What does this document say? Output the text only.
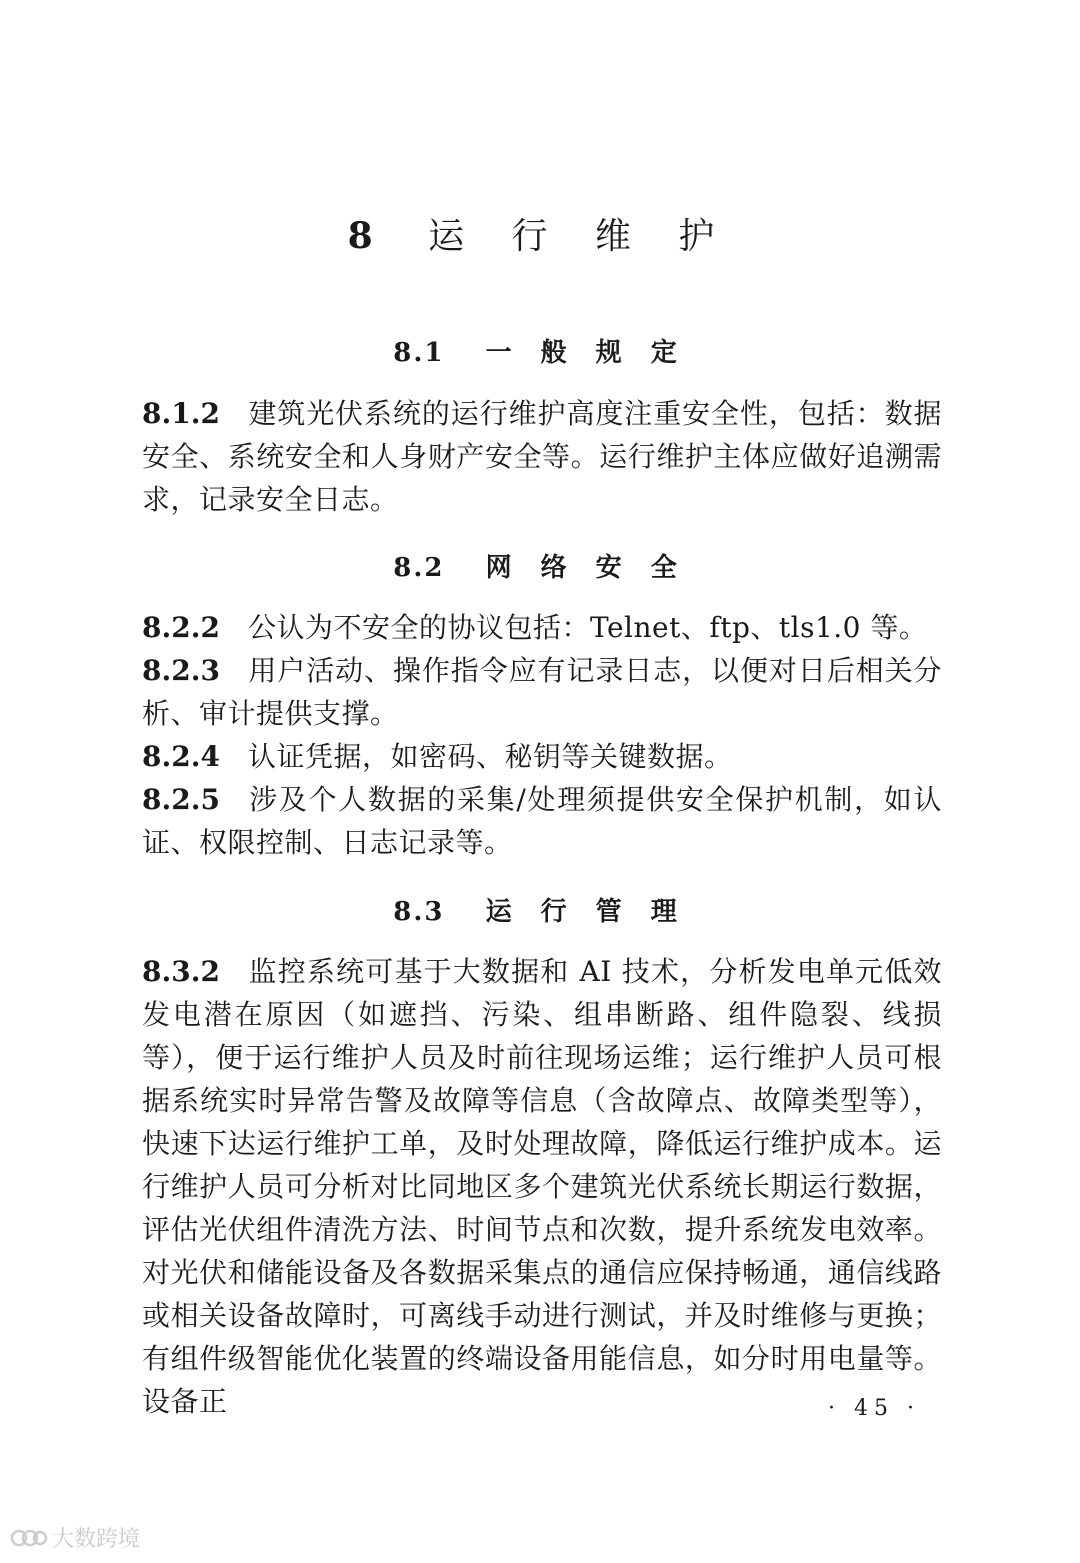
8 运 行 维 护
8.1 一 般 规 定

8.1.2 建筑光伏系统的运行维护高度注重安全性，包括：数据安全、系统安全和人身财产安全等。运行维护主体应做好追溯需求，记录安全日志。

8.2 网 络 安 全

8.2.2 公认为不安全的协议包括：Telnet、ftp、tls1.0 等。

8.2.3 用户活动、操作指令应有记录日志，以便对日后相关分析、审计提供支撑。

8.2.4 认证凭据，如密码、秘钥等关键数据。

8.2.5 涉及个人数据的采集/处理须提供安全保护机制，如认证、权限控制、日志记录等。

8.3 运 行 管 理

8.3.2 监控系统可基于大数据和 AI 技术，分析发电单元低效发电潜在原因（如遮挡、污染、组串断路、组件隐裂、线损等），便于运行维护人员及时前往现场运维；运行维护人员可根据系统实时异常告警及故障等信息（含故障点、故障类型等），快速下达运行维护工单，及时处理故障，降低运行维护成本。运行维护人员可分析对比同地区多个建筑光伏系统长期运行数据，评估光伏组件清洗方法、时间节点和次数，提升系统发电效率。对光伏和储能设备及各数据采集点的通信应保持畅通，通信线路或相关设备故障时，可离线手动进行测试，并及时维修与更换；有组件级智能优化装置的终端设备用能信息，如分时用电量等。设备正	· 45 ·
大数跨境
